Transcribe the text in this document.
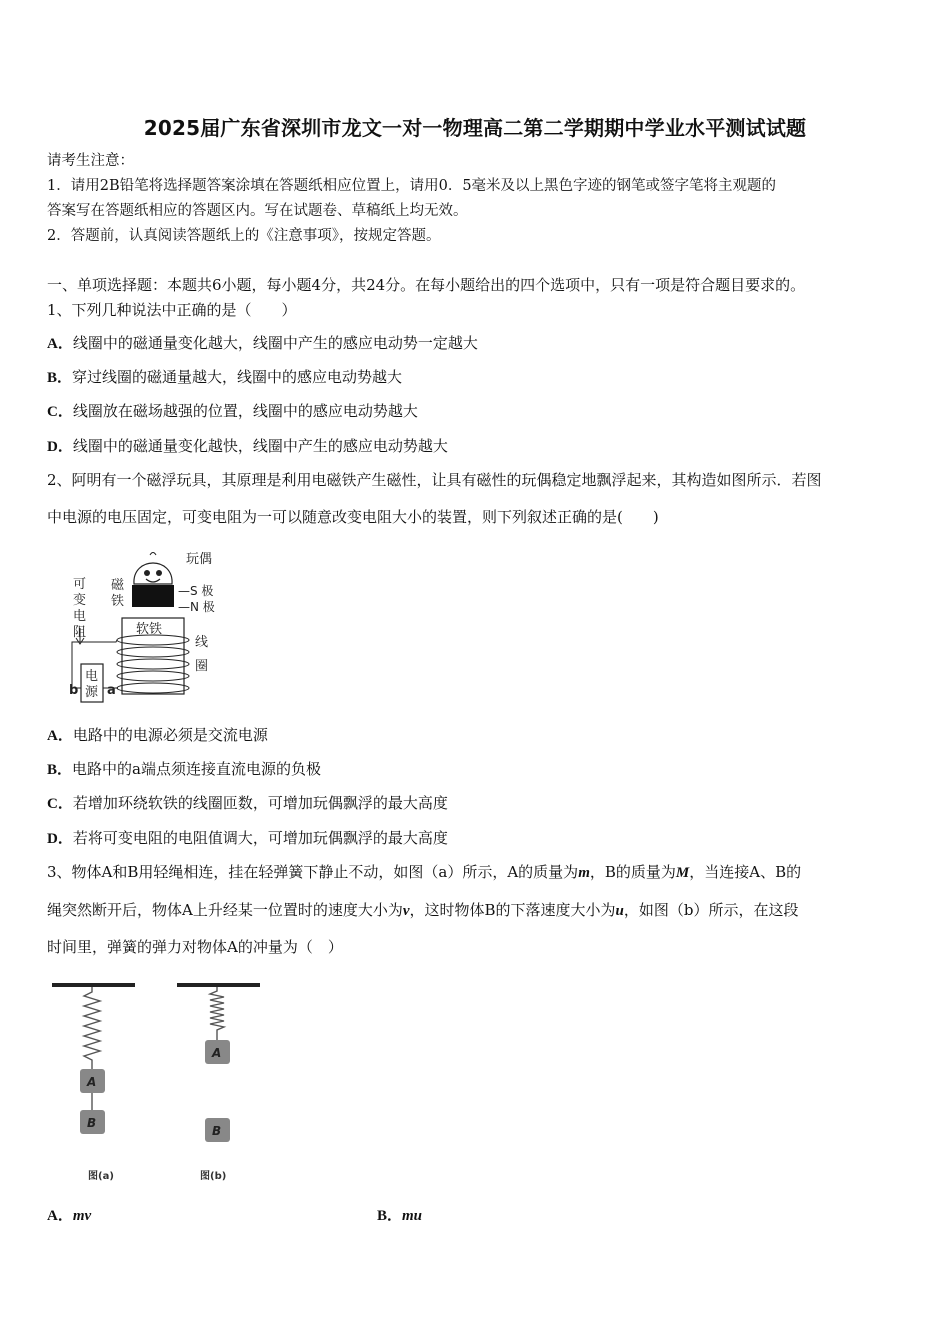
2025届广东省深圳市龙文一对一物理高二第二学期期中学业水平测试试题
请考生注意：
1．请用2B铅笔将选择题答案涂填在答题纸相应位置上，请用0．5毫米及以上黑色字迹的钢笔或签字笔将主观题的
答案写在答题纸相应的答题区内。写在试题卷、草稿纸上均无效。
2．答题前，认真阅读答题纸上的《注意事项》，按规定答题。
一、单项选择题：本题共6小题，每小题4分，共24分。在每小题给出的四个选项中，只有一项是符合题目要求的。
1、下列几种说法中正确的是（　　）
A．线圈中的磁通量变化越大，线圈中产生的感应电动势一定越大
B．穿过线圈的磁通量越大，线圈中的感应电动势越大
C．线圈放在磁场越强的位置，线圈中的感应电动势越大
D．线圈中的磁通量变化越快，线圈中产生的感应电动势越大
2、阿明有一个磁浮玩具，其原理是利用电磁铁产生磁性，让具有磁性的玩偶稳定地飘浮起来，其构造如图所示．若图
中电源的电压固定，可变电阻为一可以随意改变电阻大小的装置，则下列叙述正确的是(　　)
玩偶
—S 极
—N 极
磁
铁
可
变
电
阻	软铁
线
圈
电
源
b a
A．电路中的电源必须是交流电源
B．电路中的a端点须连接直流电源的负极
C．若增加环绕软铁的线圈匝数，可增加玩偶飘浮的最大高度
D．若将可变电阻的电阻值调大，可增加玩偶飘浮的最大高度
3、物体A和B用轻绳相连，挂在轻弹簧下静止不动，如图（a）所示，A的质量为m，B的质量为M，当连接A、B的
绳突然断开后，物体A上升经某一位置时的速度大小为v，这时物体B的下落速度大小为u，如图（b）所示，在这段
时间里，弹簧的弹力对物体A的冲量为（　）
A
B
图(a)
A
B
图(b)
A．mv	B．mu
